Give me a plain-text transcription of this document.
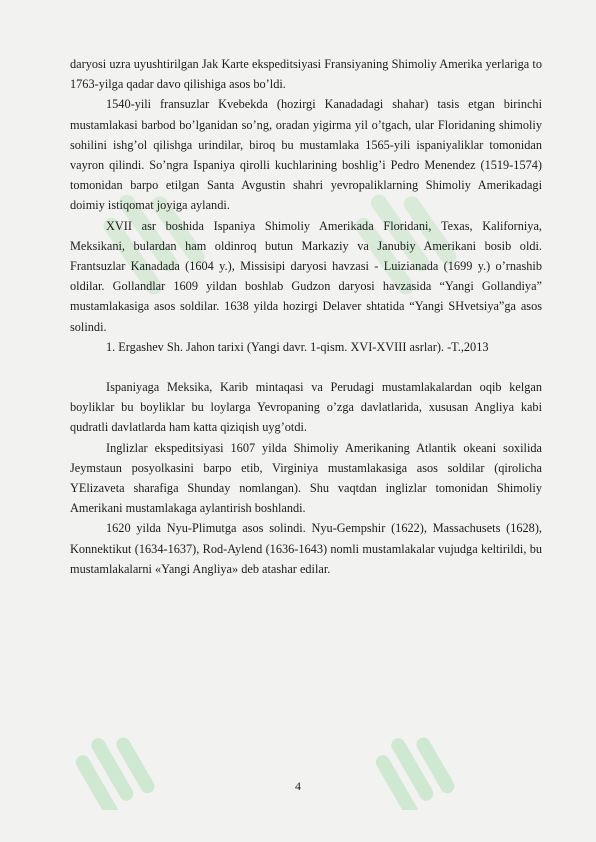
daryosi uzra uyushtirilgan Jak Karte ekspeditsiyasi Fransiyaning Shimoliy Amerika yerlariga to 1763-yilga qadar davo qilishiga asos bo’ldi.

1540-yili fransuzlar Kvebekda (hozirgi Kanadadagi shahar) tasis etgan birinchi mustamlakasi barbod bo’lganidan so’ng, oradan yigirma yil o’tgach, ular Floridaning shimoliy sohilini ishg’ol qilishga urindilar, biroq bu mustamlaka 1565-yili ispaniyaliklar tomonidan vayron qilindi. So’ngra Ispaniya qirolli kuchlarining boshlig’i Pedro Menendez (1519-1574) tomonidan barpo etilgan Santa Avgustin shahri yevropaliklarning Shimoliy Amerikadagi doimiy istiqomat joyiga aylandi.

XVII asr boshida Ispaniya Shimoliy Amerikada Floridani, Texas, Kaliforniya, Meksikani, bulardan ham oldinroq butun Markaziy va Janubiy Amerikani bosib oldi. Frantsuzlar Kanadada (1604 y.), Missisipi daryosi havzasi - Luizianada (1699 y.) o’rnashib oldilar. Gollandlar 1609 yildan boshlab Gudzon daryosi havzasida “Yangi Gollandiya” mustamlakasiga asos soldilar. 1638 yilda hozirgi Delaver shtatida “Yangi SHvetsiya”ga asos solindi.

1. Ergashev Sh. Jahon tarixi (Yangi davr. 1-qism. XVI-XVIII asrlar). -T.,2013

Ispaniyaga Meksika, Karib mintaqasi va Perudagi mustamlakalardan oqib kelgan boyliklar bu boyliklar bu loylarga Yevropaning o’zga davlatlarida, xususan Angliya kabi qudratli davlatlarda ham katta qiziqish uyg’otdi.

Inglizlar ekspeditsiyasi 1607 yilda Shimoliy Amerikaning Atlantik okeani soxilida Jeymstaun posyolkasini barpo etib, Virginiya mustamlakasiga asos soldilar (qirolicha YElizaveta sharafiga Shunday nomlangan). Shu vaqtdan inglizlar tomonidan Shimoliy Amerikani mustamlakaga aylantirish boshlandi.

1620 yilda Nyu-Plimutga asos solindi. Nyu-Gempshir (1622), Massachusets (1628), Konnektikut (1634-1637), Rod-Aylend (1636-1643) nomli mustamlakalar vujudga keltirildi, bu mustamlakalarni «Yangi Angliya» deb atashar edilar.

4
